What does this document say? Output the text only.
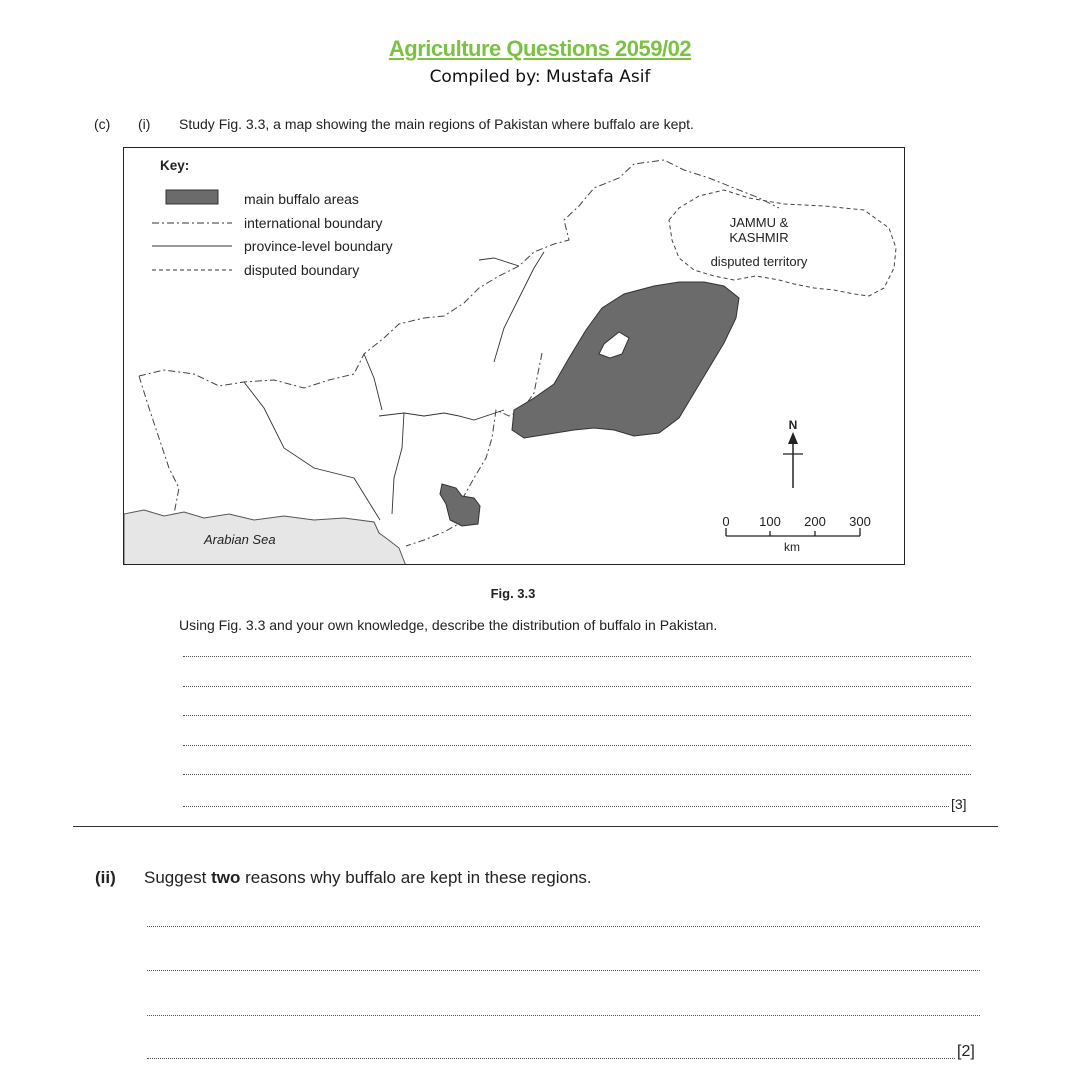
Agriculture Questions 2059/02
Compiled by: Mustafa Asif
(c) (i) Study Fig. 3.3, a map showing the main regions of Pakistan where buffalo are kept.
Key:
main buffalo areas
international boundary
province-level boundary
disputed boundary
JAMMU &
KASHMIR
disputed territory
Arabian Sea
N
0 100 200 300
km
Fig. 3.3
Using Fig. 3.3 and your own knowledge, describe the distribution of buffalo in Pakistan.
[3]
(ii) Suggest two reasons why buffalo are kept in these regions.
[2]
